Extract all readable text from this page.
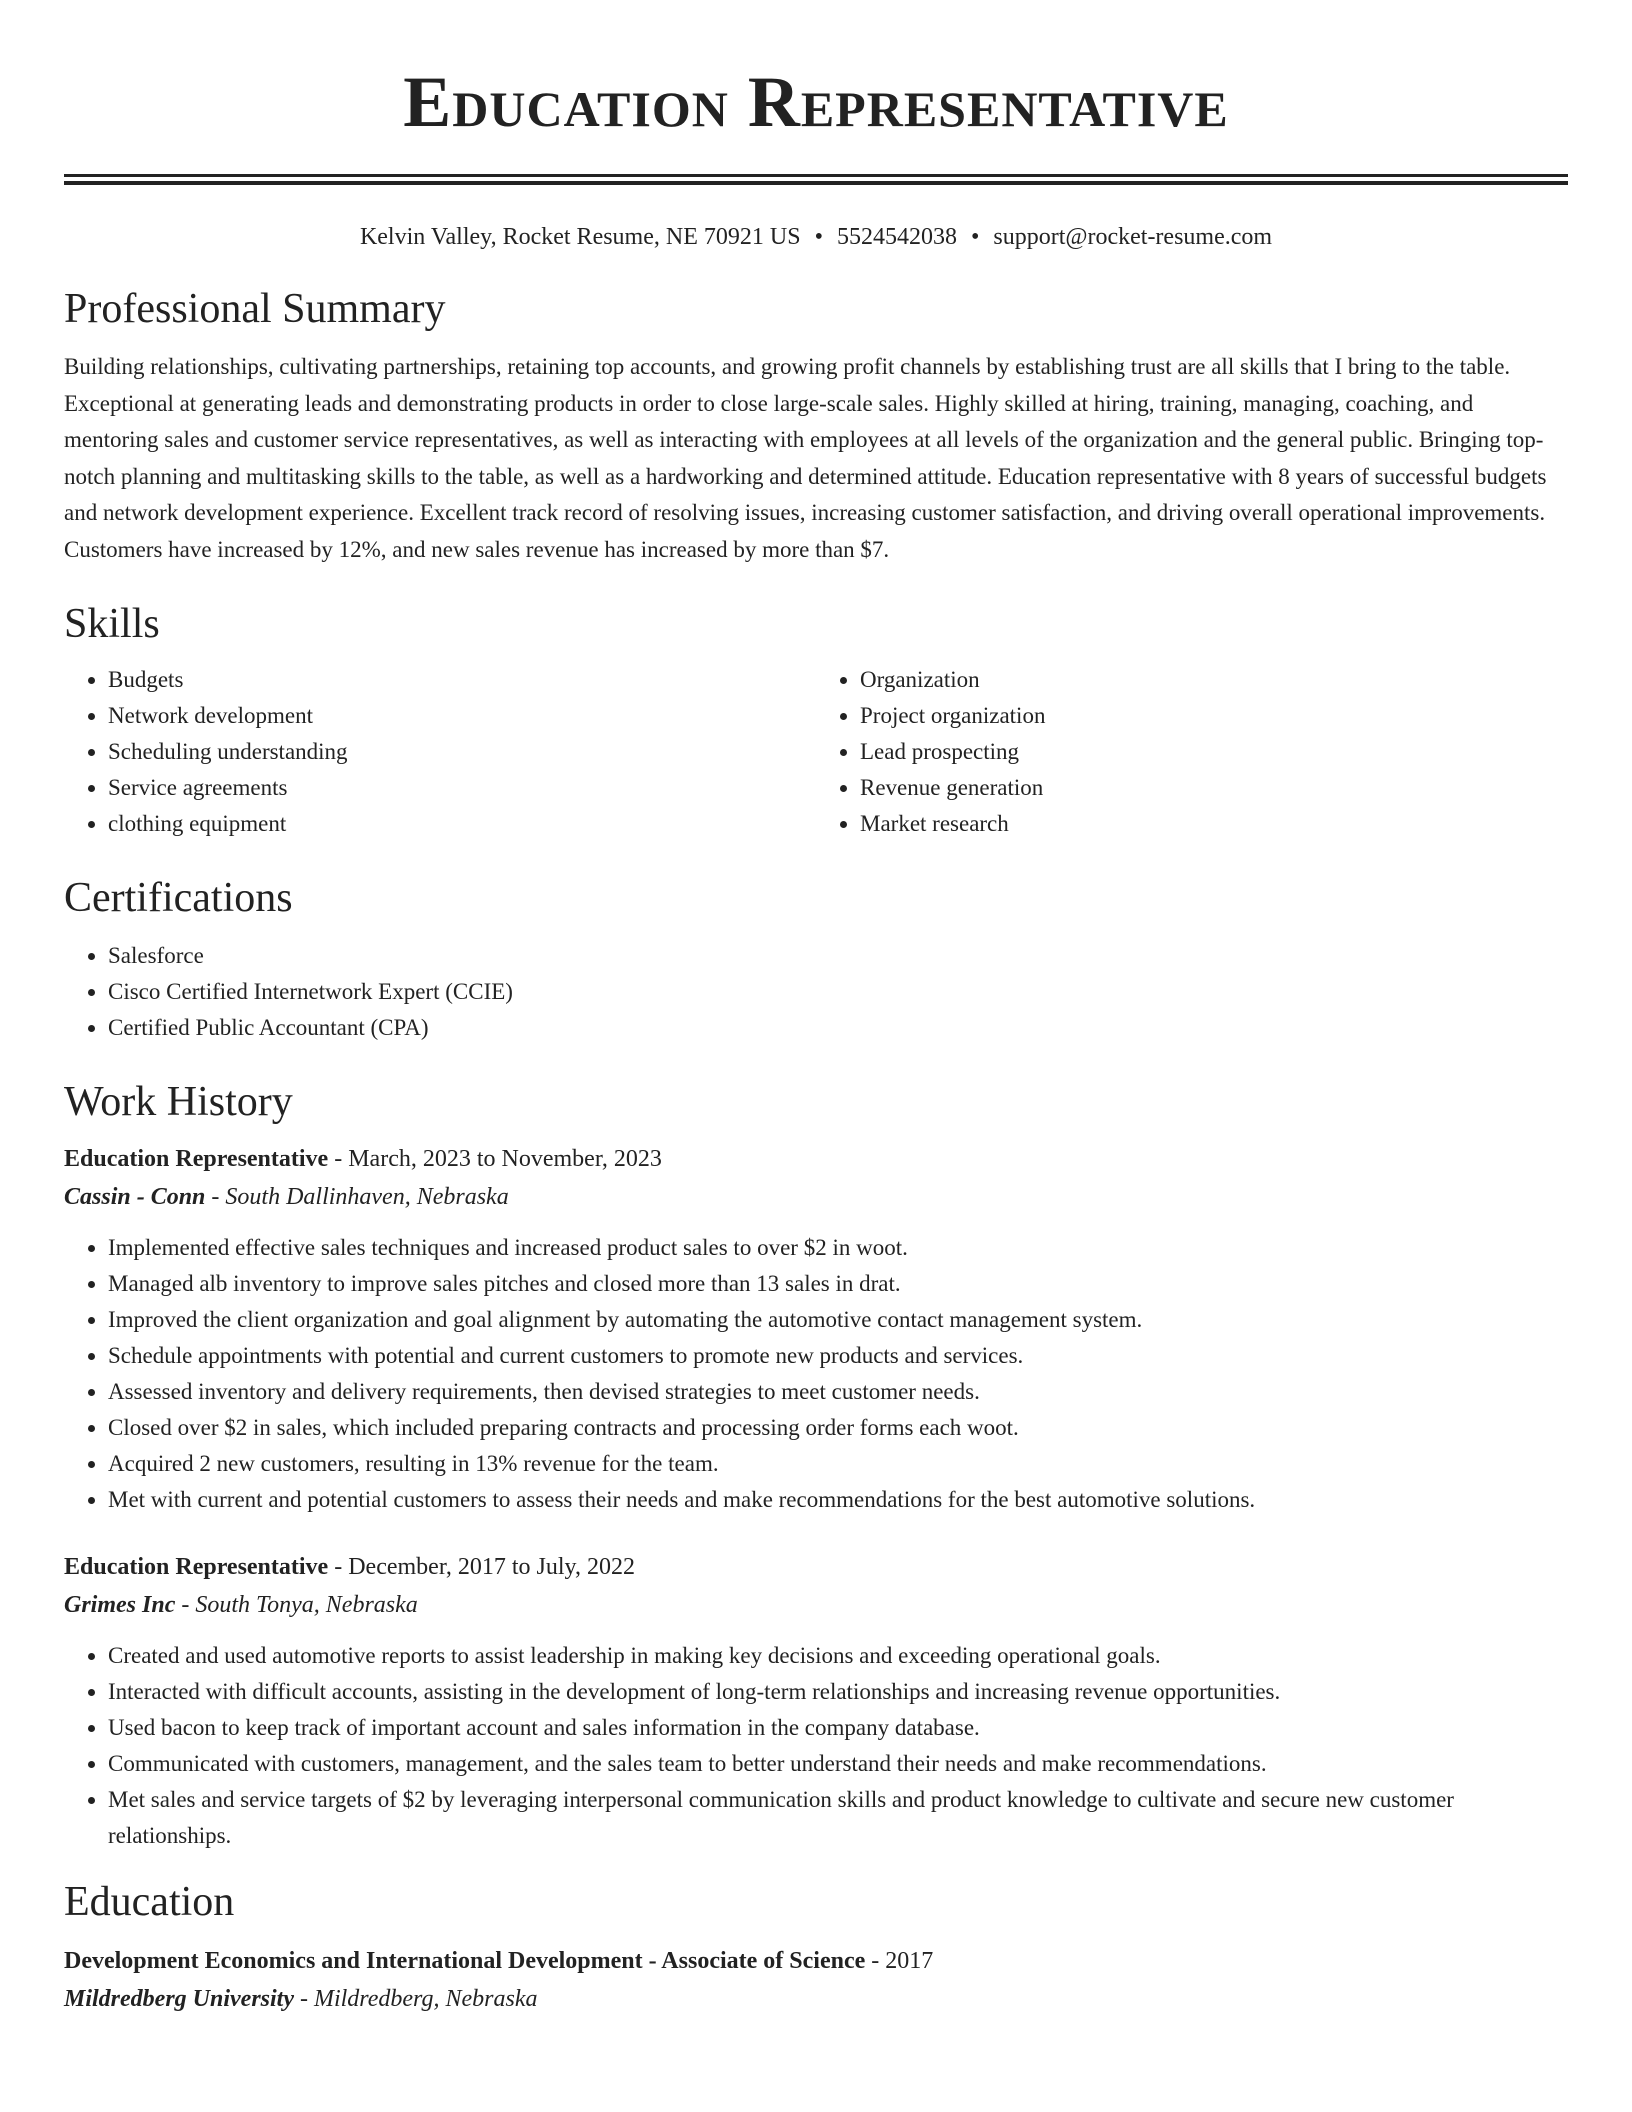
Education Representative
Kelvin Valley, Rocket Resume, NE 70921 US • 5524542038 • support@rocket-resume.com
Professional Summary

Building relationships, cultivating partnerships, retaining top accounts, and growing profit channels by establishing trust are all skills that I bring to the table. Exceptional at generating leads and demonstrating products in order to close large-scale sales. Highly skilled at hiring, training, managing, coaching, and mentoring sales and customer service representatives, as well as interacting with employees at all levels of the organization and the general public. Bringing top-notch planning and multitasking skills to the table, as well as a hardworking and determined attitude. Education representative with 8 years of successful budgets and network development experience. Excellent track record of resolving issues, increasing customer satisfaction, and driving overall operational improvements. Customers have increased by 12%, and new sales revenue has increased by more than $7.

Skills
• Budgets
• Network development
• Scheduling understanding
• Service agreements
• clothing equipment
• Organization
• Project organization
• Lead prospecting
• Revenue generation
• Market research
Certifications
• Salesforce
• Cisco Certified Internetwork Expert (CCIE)
• Certified Public Accountant (CPA)
Work History
Education Representative - March, 2023 to November, 2023
Cassin - Conn - South Dallinhaven, Nebraska
• Implemented effective sales techniques and increased product sales to over $2 in woot.
• Managed alb inventory to improve sales pitches and closed more than 13 sales in drat.
• Improved the client organization and goal alignment by automating the automotive contact management system.
• Schedule appointments with potential and current customers to promote new products and services.
• Assessed inventory and delivery requirements, then devised strategies to meet customer needs.
• Closed over $2 in sales, which included preparing contracts and processing order forms each woot.
• Acquired 2 new customers, resulting in 13% revenue for the team.
• Met with current and potential customers to assess their needs and make recommendations for the best automotive solutions.
Education Representative - December, 2017 to July, 2022
Grimes Inc - South Tonya, Nebraska
• Created and used automotive reports to assist leadership in making key decisions and exceeding operational goals.
• Interacted with difficult accounts, assisting in the development of long-term relationships and increasing revenue opportunities.
• Used bacon to keep track of important account and sales information in the company database.
• Communicated with customers, management, and the sales team to better understand their needs and make recommendations.
• Met sales and service targets of $2 by leveraging interpersonal communication skills and product knowledge to cultivate and secure new customer relationships.
Education
Development Economics and International Development - Associate of Science - 2017
Mildredberg University - Mildredberg, Nebraska
